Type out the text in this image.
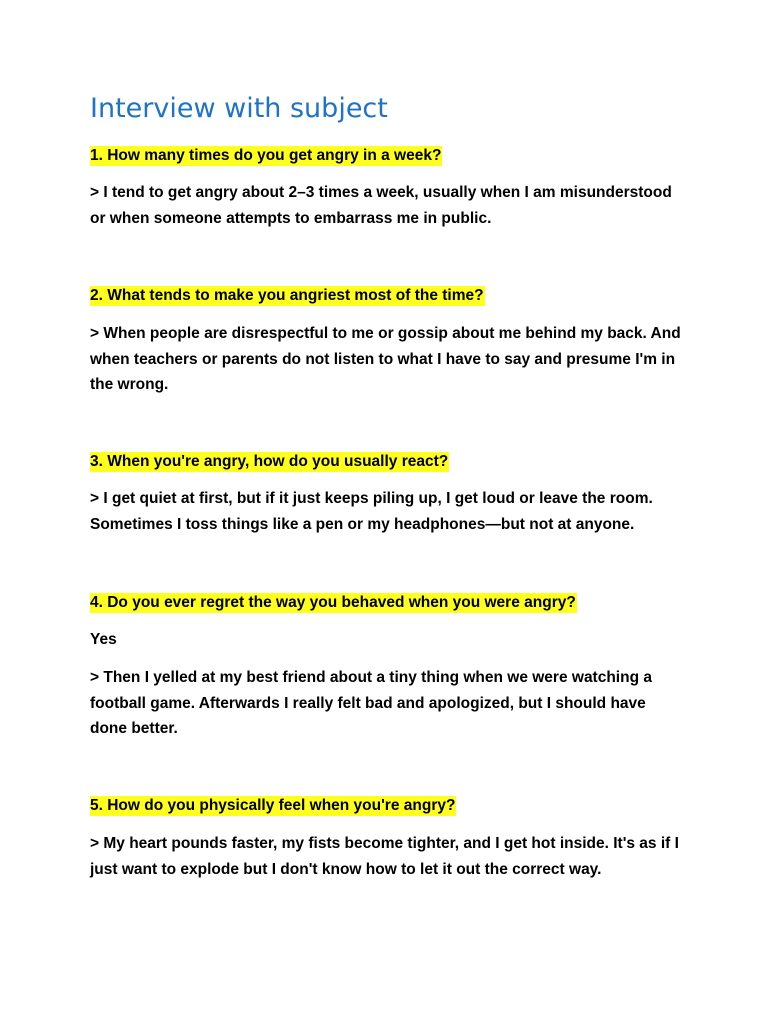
Interview with subject

1. How many times do you get angry in a week?

> I tend to get angry about 2–3 times a week, usually when I am misunderstood
or when someone attempts to embarrass me in public.

2. What tends to make you angriest most of the time?

> When people are disrespectful to me or gossip about me behind my back. And
when teachers or parents do not listen to what I have to say and presume I'm in
the wrong.

3. When you're angry, how do you usually react?

> I get quiet at first, but if it just keeps piling up, I get loud or leave the room.
Sometimes I toss things like a pen or my headphones—but not at anyone.

4. Do you ever regret the way you behaved when you were angry?

Yes

> Then I yelled at my best friend about a tiny thing when we were watching a
football game. Afterwards I really felt bad and apologized, but I should have
done better.

5. How do you physically feel when you're angry?

> My heart pounds faster, my fists become tighter, and I get hot inside. It's as if I
just want to explode but I don't know how to let it out the correct way.
